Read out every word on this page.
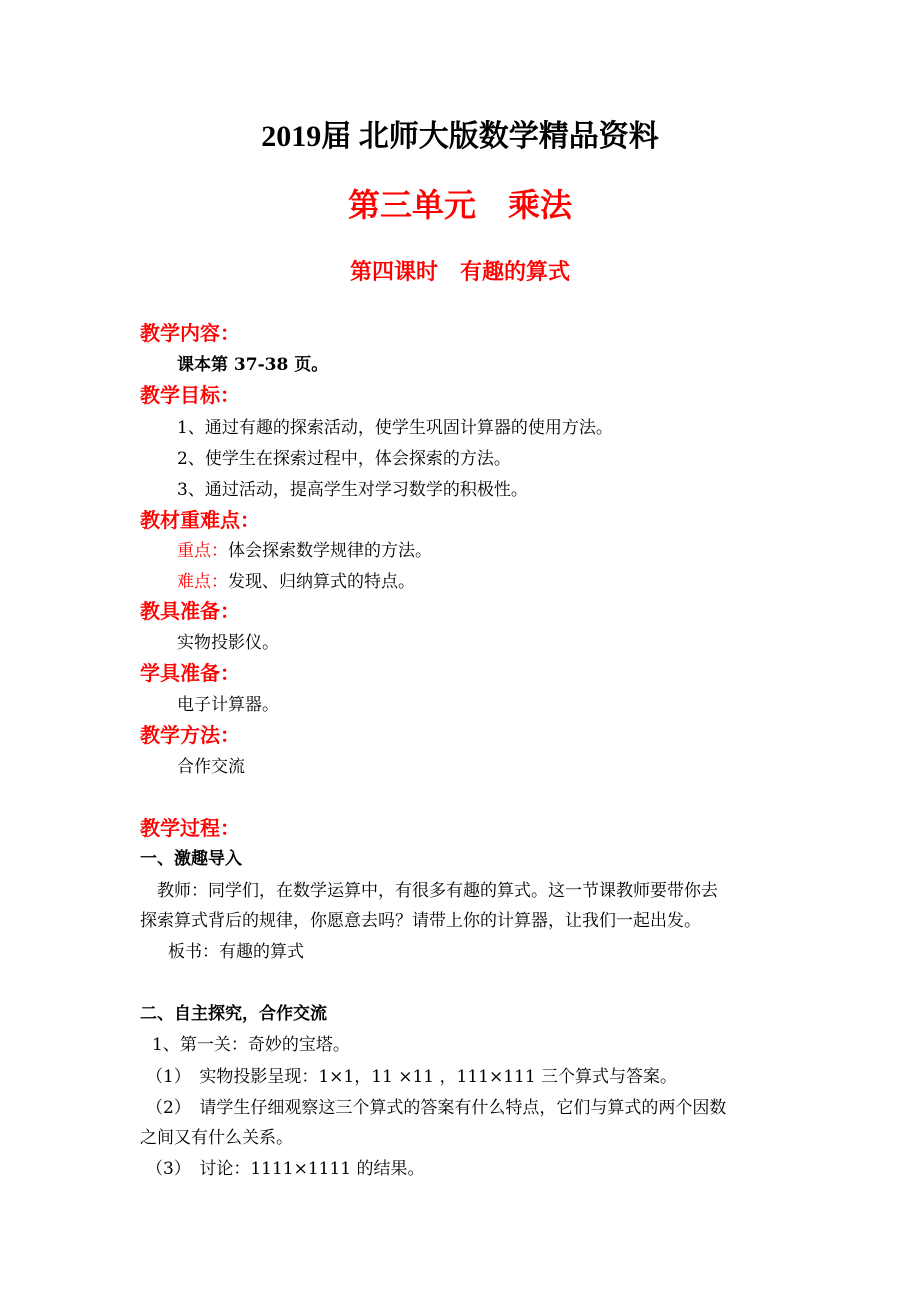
2019届 北师大版数学精品资料
第三单元　乘法
第四课时　有趣的算式
教学内容：
课本第 37-38 页。
教学目标：
1、通过有趣的探索活动，使学生巩固计算器的使用方法。
2、使学生在探索过程中，体会探索的方法。
3、通过活动，提高学生对学习数学的积极性。
教材重难点：
重点：体会探索数学规律的方法。
难点：发现、归纳算式的特点。
教具准备：
实物投影仪。
学具准备：
电子计算器。
教学方法：
合作交流
教学过程：
一、激趣导入
教师：同学们，在数学运算中，有很多有趣的算式。这一节课教师要带你去
探索算式背后的规律，你愿意去吗？请带上你的计算器，让我们一起出发。
板书：有趣的算式
二、自主探究，合作交流
1、第一关：奇妙的宝塔。
（1）　实物投影呈现：1×1，11 ×11 ，111×111 三个算式与答案。
（2）　请学生仔细观察这三个算式的答案有什么特点，它们与算式的两个因数
之间又有什么关系。
（3）　讨论：1111×1111 的结果。
